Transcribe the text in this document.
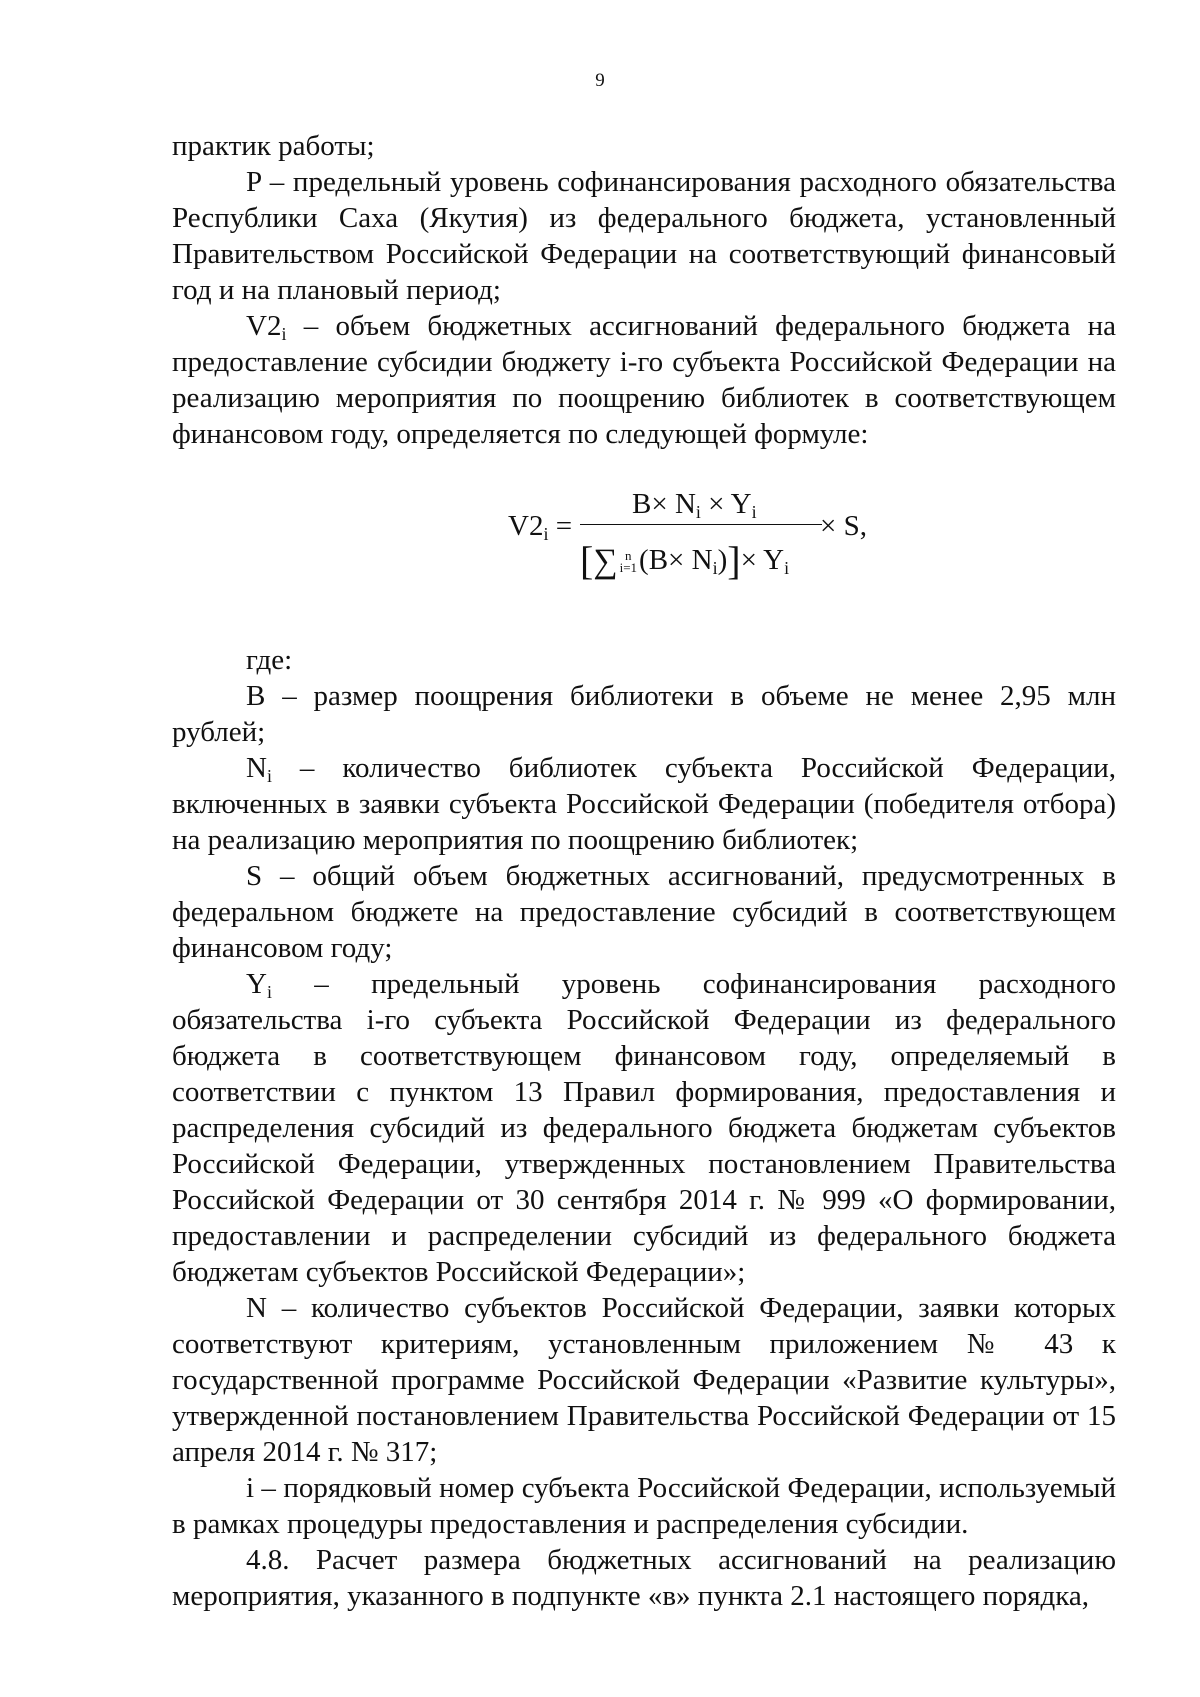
9

практик работы;

P – предельный уровень софинансирования расходного обязательства Республики Саха (Якутия) из федерального бюджета, установленный Правительством Российской Федерации на соответствующий финансовый год и на плановый период;

$V2_i$ – объем бюджетных ассигнований федерального бюджета на предоставление субсидии бюджету i-го субъекта Российской Федерации на реализацию мероприятия по поощрению библиотек в соответствующем финансовом году, определяется по следующей формуле:

$V2_i$ =
$B\times N_i \times Y_i$
[∑ n
$i=1(B\times N_i)]\times Y_i$
× S,

где:

B – размер поощрения библиотеки в объеме не менее 2,95 млн рублей;

$N_i$ – количество библиотек субъекта Российской Федерации, включенных в заявки субъекта Российской Федерации (победителя отбора) на реализацию мероприятия по поощрению библиотек;

S – общий объем бюджетных ассигнований, предусмотренных в федеральном бюджете на предоставление субсидий в соответствующем финансовом году;

$Y_i$ – предельный уровень софинансирования расходного обязательства i-го субъекта Российской Федерации из федерального бюджета в соответствующем финансовом году, определяемый в соответствии с пунктом 13 Правил формирования, предоставления и распределения субсидий из федерального бюджета бюджетам субъектов Российской Федерации, утвержденных постановлением Правительства Российской Федерации от 30 сентября 2014 г. № 999 «О формировании, предоставлении и распределении субсидий из федерального бюджета бюджетам субъектов Российской Федерации»;

N – количество субъектов Российской Федерации, заявки которых соответствуют критериям, установленным приложением № 43 к государственной программе Российской Федерации «Развитие культуры», утвержденной постановлением Правительства Российской Федерации от 15 апреля 2014 г. № 317;

i – порядковый номер субъекта Российской Федерации, используемый в рамках процедуры предоставления и распределения субсидии.

4.8. Расчет размера бюджетных ассигнований на реализацию мероприятия, указанного в подпункте «в» пункта 2.1 настоящего порядка,
